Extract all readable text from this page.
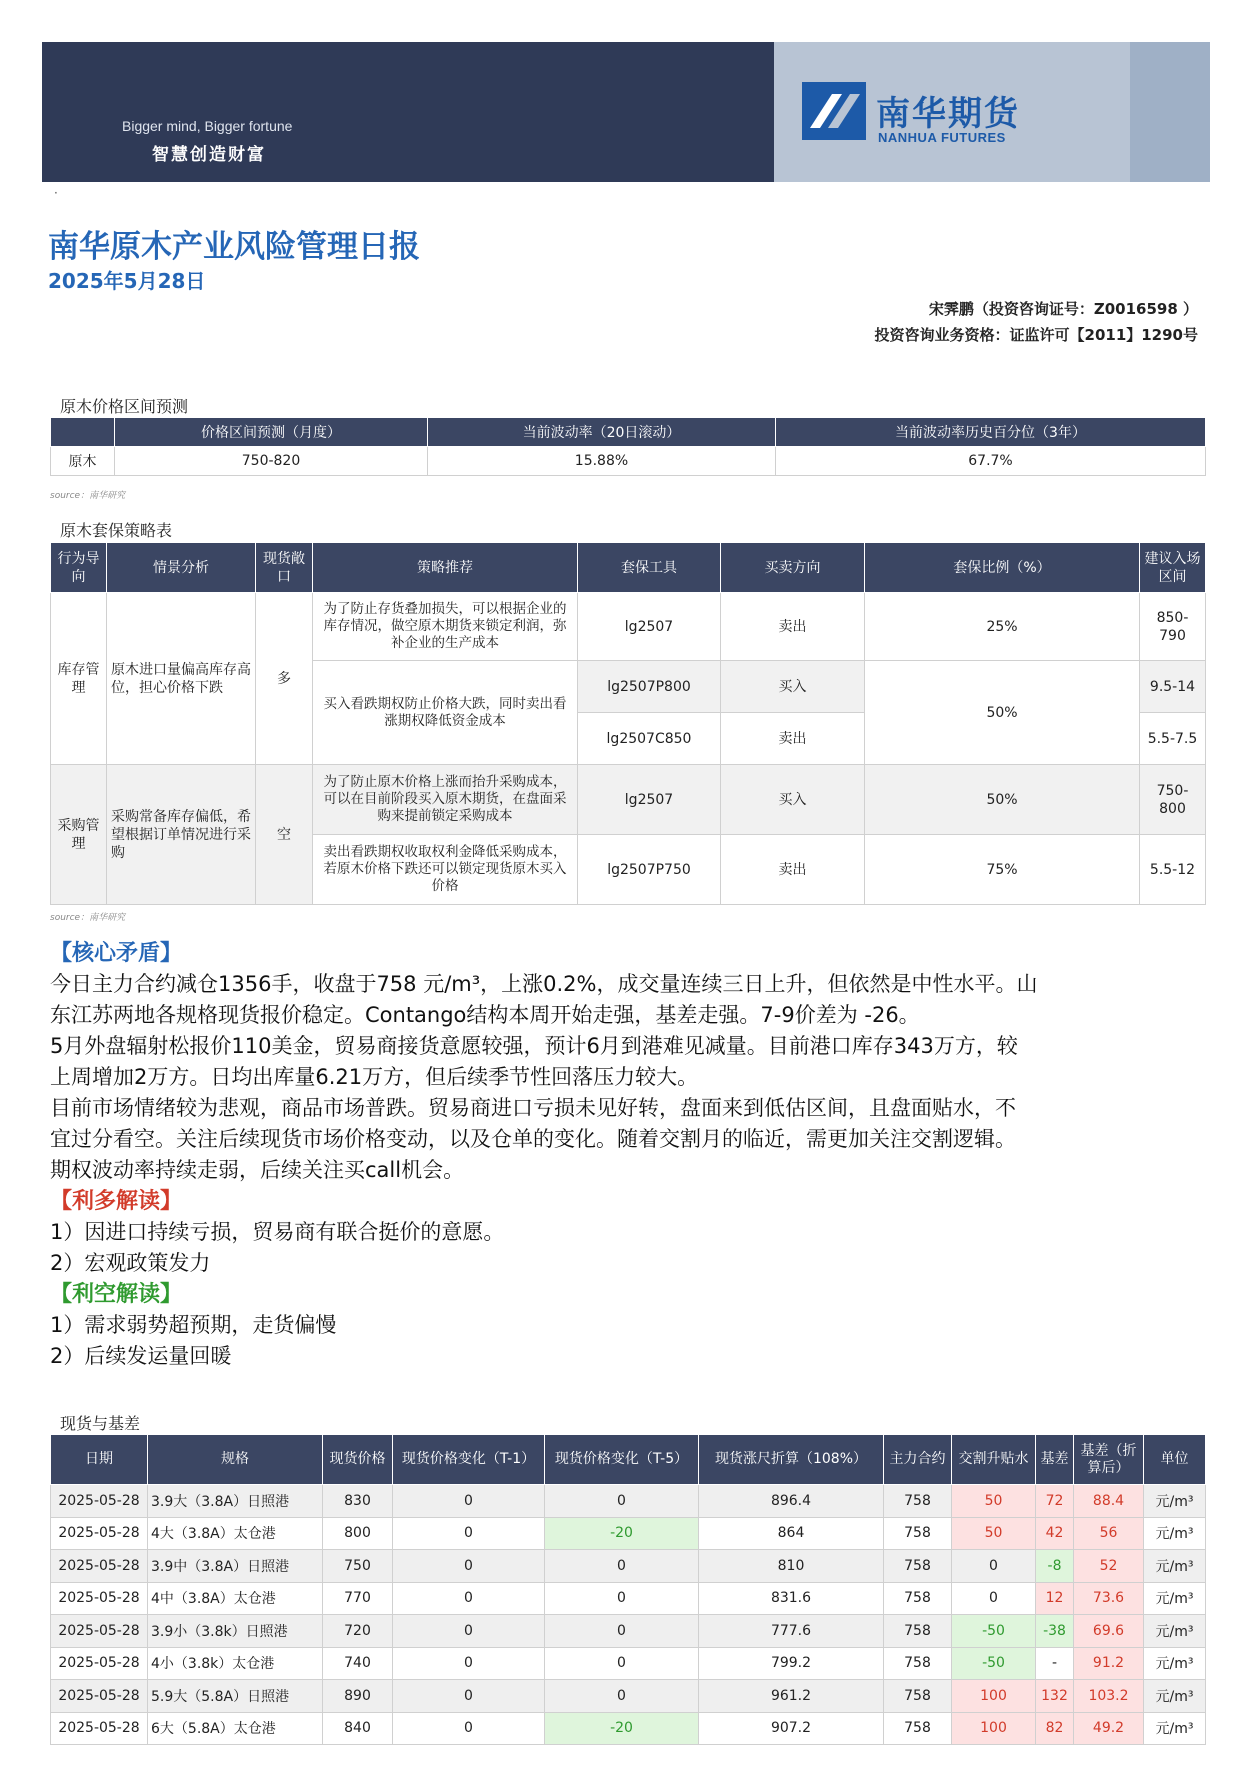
Bigger mind, Bigger fortune
智慧创造财富
南华期货
NANHUA FUTURES
·
南华原木产业风险管理日报
2025年5月28日
宋霁鹏（投资咨询证号：Z0016598 ）
投资咨询业务资格：证监许可【2011】1290号
原木价格区间预测
	价格区间预测（月度）	当前波动率（20日滚动）	当前波动率历史百分位（3年）
原木	750-820	15.88%	67.7%
source：南华研究
原木套保策略表
行为导向	情景分析	现货敞口	策略推荐	套保工具	买卖方向	套保比例（%）	建议入场区间
库存管理	原木进口量偏高库存高位，担心价格下跌	多	为了防止存货叠加损失，可以根据企业的库存情况，做空原木期货来锁定利润，弥补企业的生产成本	lg2507	卖出	25%	850-790
			买入看跌期权防止价格大跌，同时卖出看涨期权降低资金成本	lg2507P800	买入	50%	9.5-14
				lg2507C850	卖出		5.5-7.5
采购管理	采购常备库存偏低，希望根据订单情况进行采购	空	为了防止原木价格上涨而抬升采购成本，可以在目前阶段买入原木期货，在盘面采购来提前锁定采购成本	lg2507	买入	50%	750-800
			卖出看跌期权收取权利金降低采购成本，若原木价格下跌还可以锁定现货原木买入价格	lg2507P750	卖出	75%	5.5-12
source：南华研究
【核心矛盾】
今日主力合约减仓1356手，收盘于758 元/m³，上涨0.2%，成交量连续三日上升，但依然是中性水平。山
东江苏两地各规格现货报价稳定。Contango结构本周开始走强，基差走强。7-9价差为 -26。
5月外盘辐射松报价110美金，贸易商接货意愿较强，预计6月到港难见减量。目前港口库存343万方，较
上周增加2万方。日均出库量6.21万方，但后续季节性回落压力较大。
目前市场情绪较为悲观，商品市场普跌。贸易商进口亏损未见好转，盘面来到低估区间，且盘面贴水，不
宜过分看空。关注后续现货市场价格变动，以及仓单的变化。随着交割月的临近，需更加关注交割逻辑。
期权波动率持续走弱，后续关注买call机会。
【利多解读】
1）因进口持续亏损，贸易商有联合挺价的意愿。
2）宏观政策发力
【利空解读】
1）需求弱势超预期，走货偏慢
2）后续发运量回暖
现货与基差
日期	规格	现货价格	现货价格变化（T-1）	现货价格变化（T-5）	现货涨尺折算（108%）	主力合约	交割升贴水	基差	基差（折算后）	单位
2025-05-28	3.9大（3.8A）日照港	830	0	0	896.4	758	50	72	88.4	元/m³
2025-05-28	4大（3.8A）太仓港	800	0	-20	864	758	50	42	56	元/m³
2025-05-28	3.9中（3.8A）日照港	750	0	0	810	758	0	-8	52	元/m³
2025-05-28	4中（3.8A）太仓港	770	0	0	831.6	758	0	12	73.6	元/m³
2025-05-28	3.9小（3.8k）日照港	720	0	0	777.6	758	-50	-38	69.6	元/m³
2025-05-28	4小（3.8k）太仓港	740	0	0	799.2	758	-50	-	91.2	元/m³
2025-05-28	5.9大（5.8A）日照港	890	0	0	961.2	758	100	132	103.2	元/m³
2025-05-28	6大（5.8A）太仓港	840	0	-20	907.2	758	100	82	49.2	元/m³
